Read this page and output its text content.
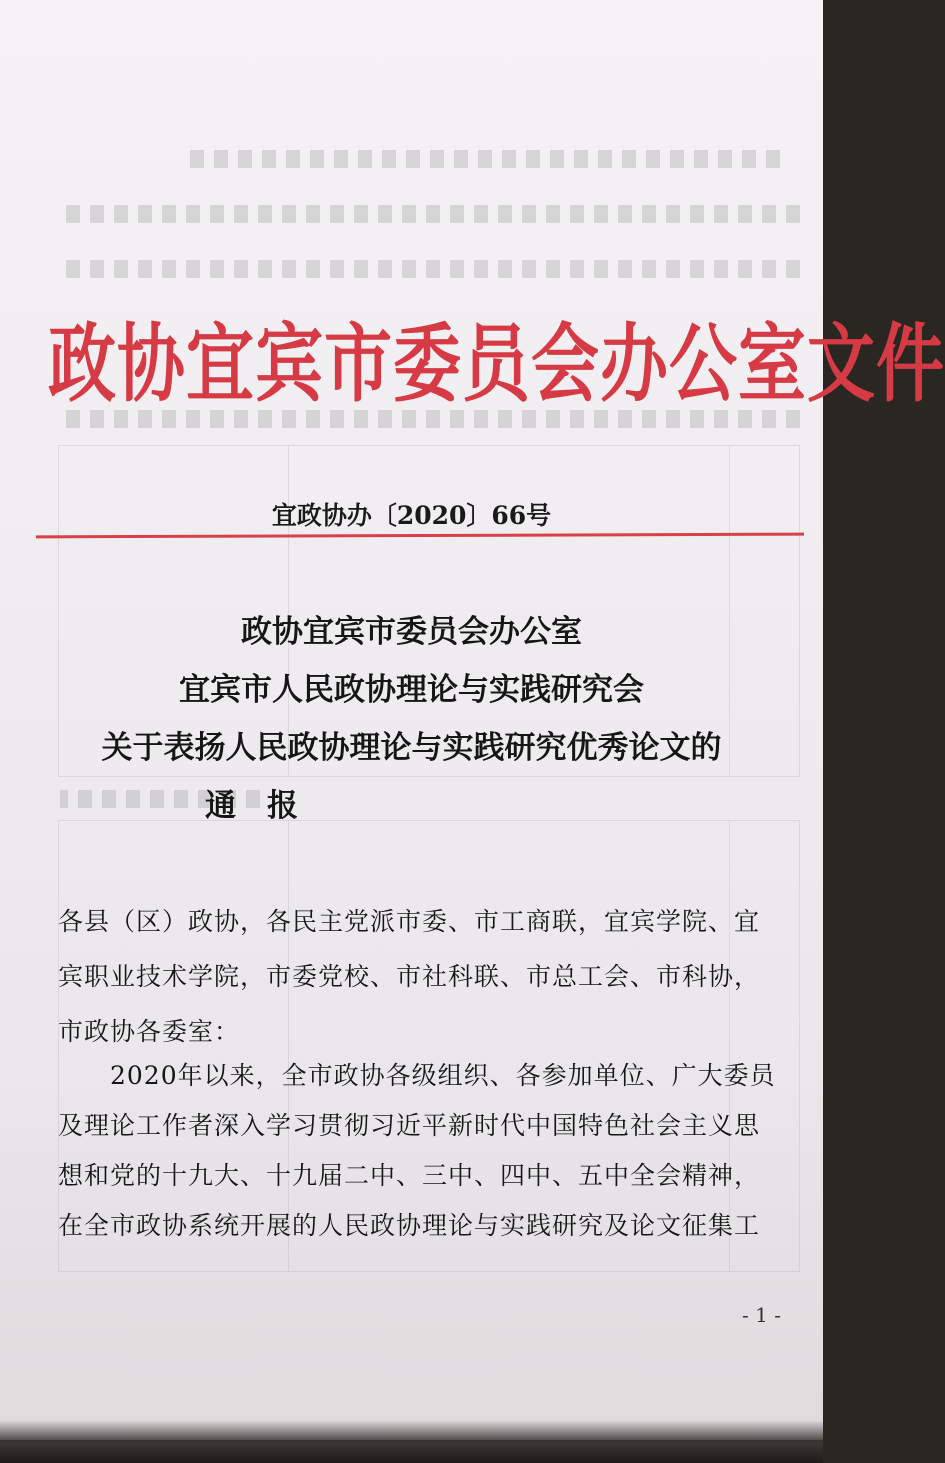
政协宜宾市委员会办公室文件
宜政协办〔2020〕66号
政协宜宾市委员会办公室
宜宾市人民政协理论与实践研究会
关于表扬人民政协理论与实践研究优秀论文的
通　报
各县（区）政协，各民主党派市委、市工商联，宜宾学院、宜
宾职业技术学院，市委党校、市社科联、市总工会、市科协，
市政协各委室：
　　2020年以来，全市政协各级组织、各参加单位、广大委员
及理论工作者深入学习贯彻习近平新时代中国特色社会主义思
想和党的十九大、十九届二中、三中、四中、五中全会精神，
在全市政协系统开展的人民政协理论与实践研究及论文征集工
- 1 -
